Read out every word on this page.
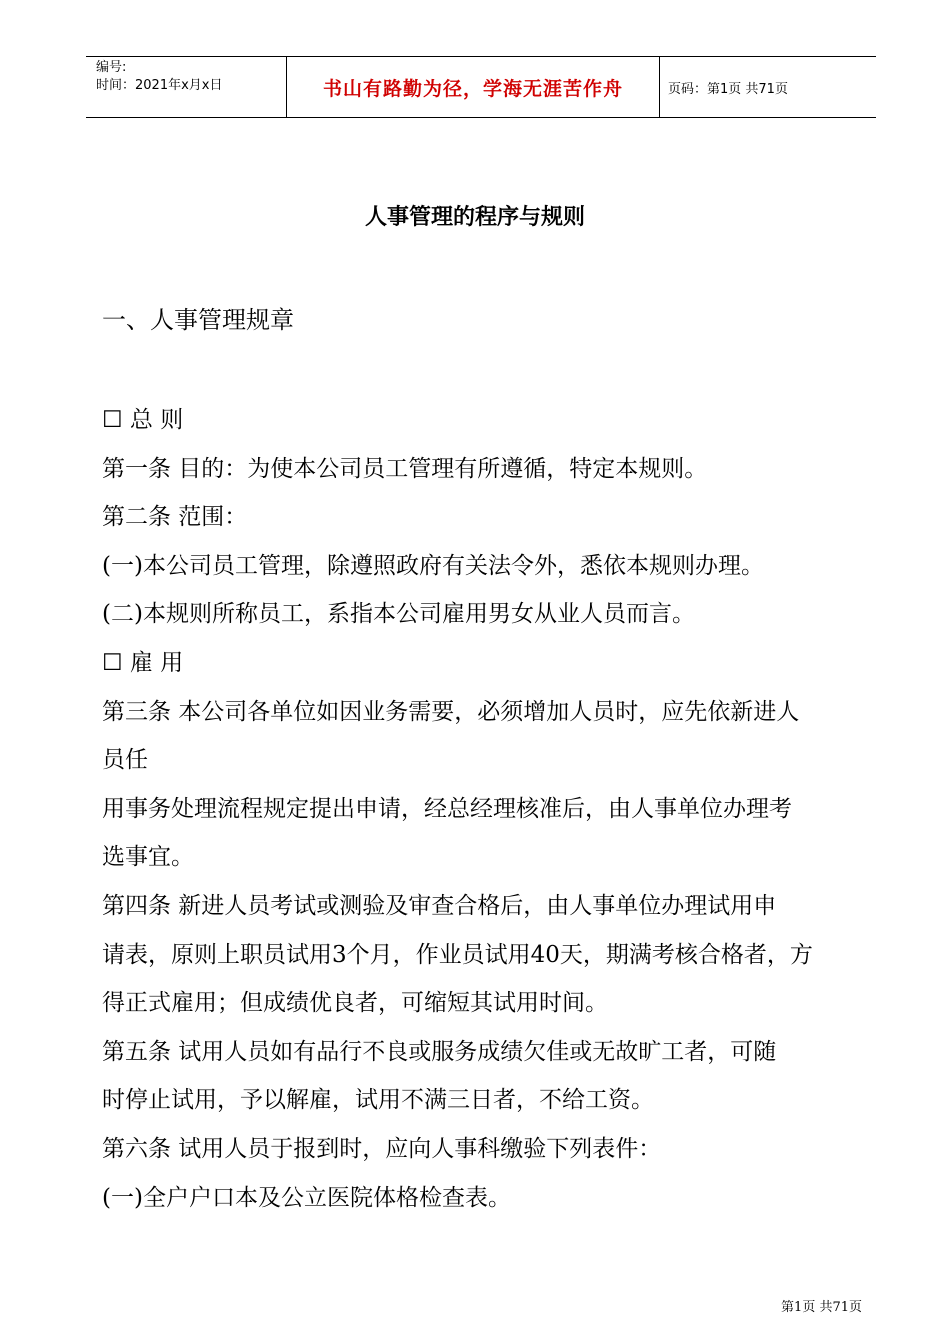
编号:
时间：2021年x月x日	书山有路勤为径，学海无涯苦作舟	页码：第1页 共71页
人事管理的程序与规则
一、人事管理规章

☐ 总 则

第一条 目的：为使本公司员工管理有所遵循，特定本规则。

第二条 范围：

(一)本公司员工管理，除遵照政府有关法令外，悉依本规则办理。

(二)本规则所称员工，系指本公司雇用男女从业人员而言。

☐ 雇 用

第三条 本公司各单位如因业务需要，必须增加人员时，应先依新进人

员任

用事务处理流程规定提出申请，经总经理核准后，由人事单位办理考

选事宜。

第四条 新进人员考试或测验及审查合格后，由人事单位办理试用申

请表，原则上职员试用3个月，作业员试用40天，期满考核合格者，方

得正式雇用；但成绩优良者，可缩短其试用时间。

第五条 试用人员如有品行不良或服务成绩欠佳或无故旷工者，可随

时停止试用，予以解雇，试用不满三日者，不给工资。

第六条 试用人员于报到时，应向人事科缴验下列表件：

(一)全户户口本及公立医院体格检查表。

第1页 共71页
